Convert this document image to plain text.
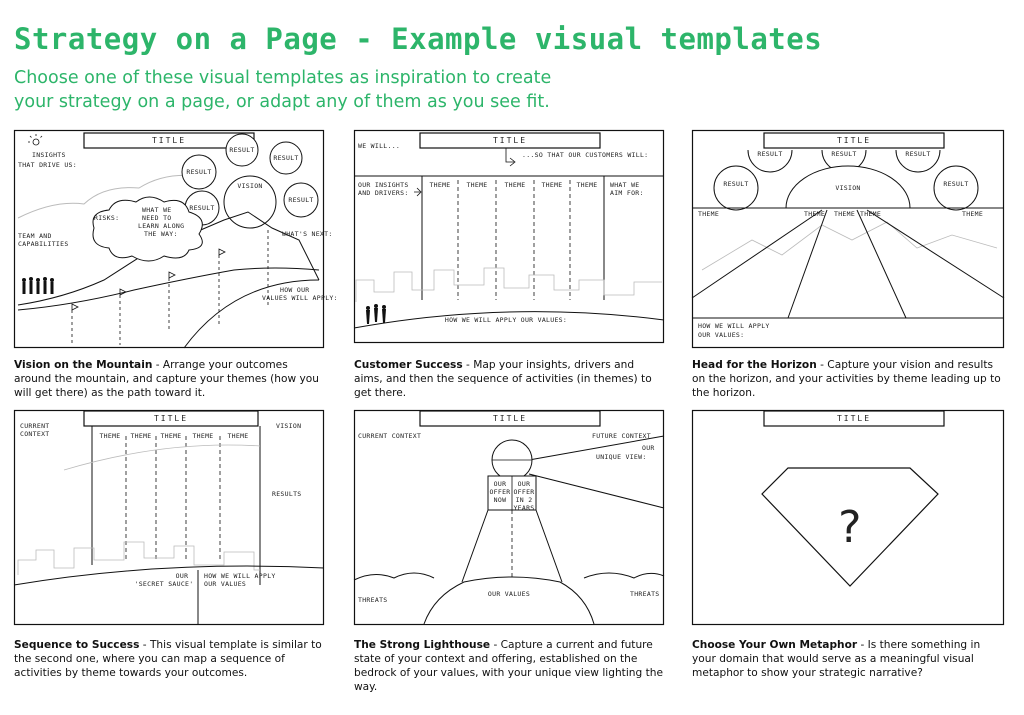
Strategy on a Page - Example visual templates
Choose one of these visual templates as inspiration to create
your strategy on a page, or adapt any of them as you see fit.
TITLE
INSIGHTS
THAT DRIVE US:
RESULT
RESULT
RESULT
VISION
RESULT
RESULT
RISKS:
WHAT WE
NEED TO
LEARN ALONG
THE WAY:
TEAM AND
CAPABILITIES
WHAT'S NEXT:
HOW OUR
VALUES WILL APPLY:
Vision on the Mountain - Arrange your outcomes around the mountain, and capture your themes (how you will get there) as the path toward it.
TITLE
WE WILL...
...SO THAT OUR CUSTOMERS WILL:
OUR INSIGHTS
AND DRIVERS:
THEME THEME	THEME THEME THEME WHAT WE
AIM FOR:
HOW WE WILL APPLY OUR VALUES:
Customer Success - Map your insights, drivers and aims, and then the sequence of activities (in themes) to get there.
TITLE
RESULT	RESULT	RESULT
RESULT	RESULT
VISION
THEME	THEME THEME THEME	THEME
HOW WE WILL APPLY
OUR VALUES:
Head for the Horizon - Capture your vision and results on the horizon, and your activities by theme leading up to the horizon.
TITLE
CURRENT
CONTEXT	THEME THEME THEME THEME THEME
VISION
RESULTS
OUR
'SECRET SAUCE'
HOW WE WILL APPLY
OUR VALUES
Sequence to Success - This visual template is similar to the second one, where you can map a sequence of activities by theme towards your outcomes.
TITLE
CURRENT CONTEXT	FUTURE CONTEXT
OUR
UNIQUE VIEW:
OUR
OFFER
NOW
OUR
OFFER
IN 2
YEARS
OUR VALUES
THREATS
THREATS
The Strong Lighthouse - Capture a current and future state of your context and offering, established on the bedrock of your values, with your unique view lighting the way.
TITLE
?
Choose Your Own Metaphor - Is there something in your domain that would serve as a meaningful visual metaphor to show your strategic narrative?
